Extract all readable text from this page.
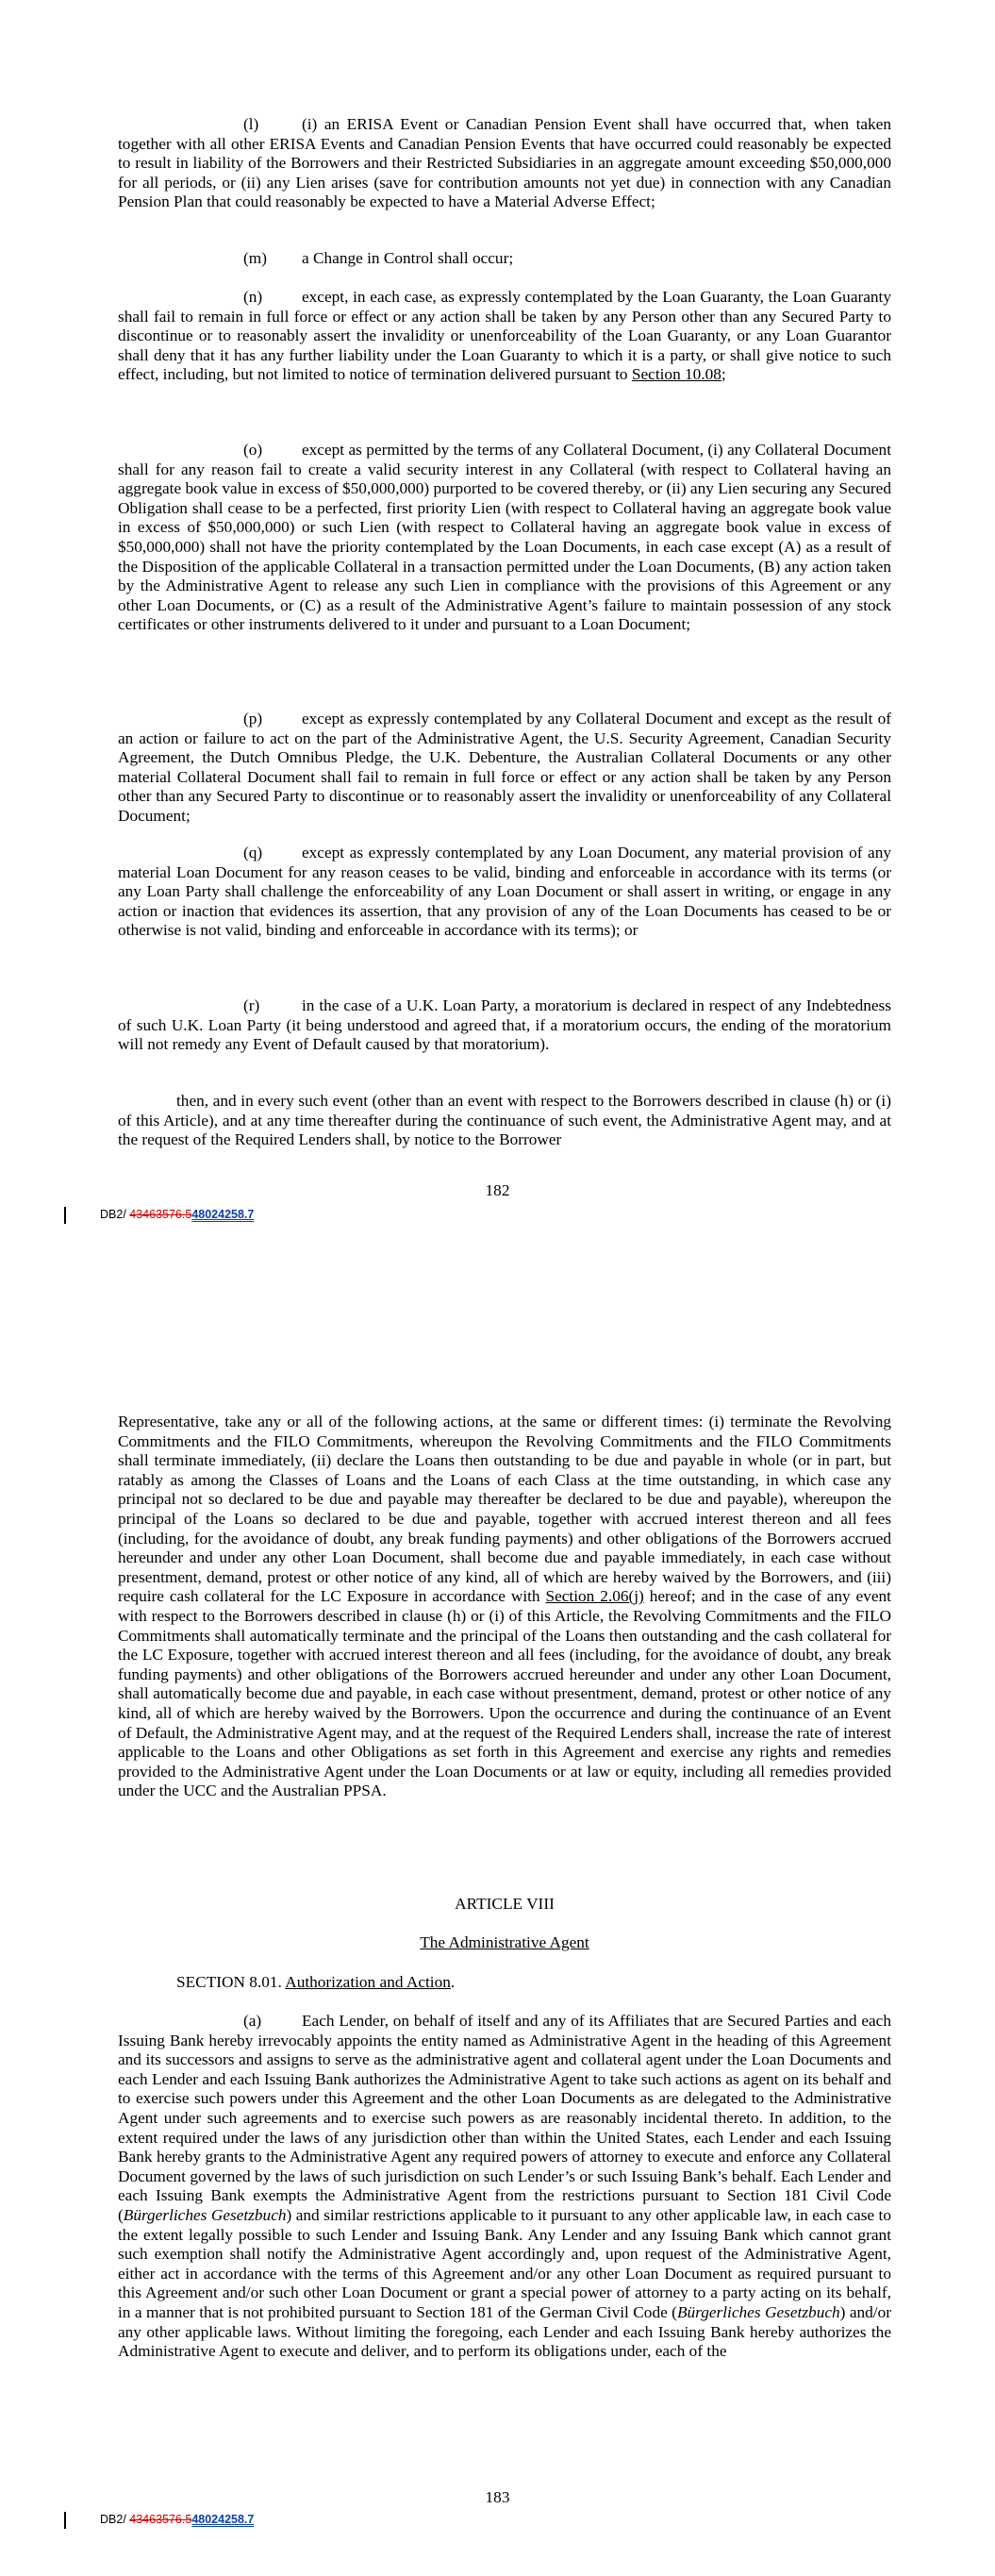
(l)	(i) an ERISA Event or Canadian Pension Event shall have occurred that, when taken together with all other ERISA Events and Canadian Pension Events that have occurred could reasonably be expected to result in liability of the Borrowers and their Restricted Subsidiaries in an aggregate amount exceeding $50,000,000 for all periods, or (ii) any Lien arises (save for contribution amounts not yet due) in connection with any Canadian Pension Plan that could reasonably be expected to have a Material Adverse Effect;

(m) a Change in Control shall occur;

(n) except, in each case, as expressly contemplated by the Loan Guaranty, the Loan Guaranty shall fail to remain in full force or effect or any action shall be taken by any Person other than any Secured Party to discontinue or to reasonably assert the invalidity or unenforceability of the Loan Guaranty, or any Loan Guarantor shall deny that it has any further liability under the Loan Guaranty to which it is a party, or shall give notice to such effect, including, but not limited to notice of termination delivered pursuant to Section 10.08;

(o) except as permitted by the terms of any Collateral Document, (i) any Collateral Document shall for any reason fail to create a valid security interest in any Collateral (with respect to Collateral having an aggregate book value in excess of $50,000,000) purported to be covered thereby, or (ii) any Lien securing any Secured Obligation shall cease to be a perfected, first priority Lien (with respect to Collateral having an aggregate book value in excess of $50,000,000) or such Lien (with respect to Collateral having an aggregate book value in excess of $50,000,000) shall not have the priority contemplated by the Loan Documents, in each case except (A) as a result of the Disposition of the applicable Collateral in a transaction permitted under the Loan Documents, (B) any action taken by the Administrative Agent to release any such Lien in compliance with the provisions of this Agreement or any other Loan Documents, or (C) as a result of the Administrative Agent’s failure to maintain possession of any stock certificates or other instruments delivered to it under and pursuant to a Loan Document;

(p) except as expressly contemplated by any Collateral Document and except as the result of an action or failure to act on the part of the Administrative Agent, the U.S. Security Agreement, Canadian Security Agreement, the Dutch Omnibus Pledge, the U.K. Debenture, the Australian Collateral Documents or any other material Collateral Document shall fail to remain in full force or effect or any action shall be taken by any Person other than any Secured Party to discontinue or to reasonably assert the invalidity or unenforceability of any Collateral Document;

(q) except as expressly contemplated by any Loan Document, any material provision of any material Loan Document for any reason ceases to be valid, binding and enforceable in accordance with its terms (or any Loan Party shall challenge the enforceability of any Loan Document or shall assert in writing, or engage in any action or inaction that evidences its assertion, that any provision of any of the Loan Documents has ceased to be or otherwise is not valid, binding and enforceable in accordance with its terms); or

(r)	in the case of a U.K. Loan Party, a moratorium is declared in respect of any Indebtedness of such U.K. Loan Party (it being understood and agreed that, if a moratorium occurs, the ending of the moratorium will not remedy any Event of Default caused by that moratorium).

then, and in every such event (other than an event with respect to the Borrowers described in clause (h) or (i) of this Article), and at any time thereafter during the continuance of such event, the Administrative Agent may, and at the request of the Required Lenders shall, by notice to the Borrower

182
DB2/ 43463576.548024258.7

Representative, take any or all of the following actions, at the same or different times: (i) terminate the Revolving Commitments and the FILO Commitments, whereupon the Revolving Commitments and the FILO Commitments shall terminate immediately, (ii) declare the Loans then outstanding to be due and payable in whole (or in part, but ratably as among the Classes of Loans and the Loans of each Class at the time outstanding, in which case any principal not so declared to be due and payable may thereafter be declared to be due and payable), whereupon the principal of the Loans so declared to be due and payable, together with accrued interest thereon and all fees (including, for the avoidance of doubt, any break funding payments) and other obligations of the Borrowers accrued hereunder and under any other Loan Document, shall become due and payable immediately, in each case without presentment, demand, protest or other notice of any kind, all of which are hereby waived by the Borrowers, and (iii) require cash collateral for the LC Exposure in accordance with Section 2.06(j) hereof; and in the case of any event with respect to the Borrowers described in clause (h) or (i) of this Article, the Revolving Commitments and the FILO Commitments shall automatically terminate and the principal of the Loans then outstanding and the cash collateral for the LC Exposure, together with accrued interest thereon and all fees (including, for the avoidance of doubt, any break funding payments) and other obligations of the Borrowers accrued hereunder and under any other Loan Document, shall automatically become due and payable, in each case without presentment, demand, protest or other notice of any kind, all of which are hereby waived by the Borrowers. Upon the occurrence and during the continuance of an Event of Default, the Administrative Agent may, and at the request of the Required Lenders shall, increase the rate of interest applicable to the Loans and other Obligations as set forth in this Agreement and exercise any rights and remedies provided to the Administrative Agent under the Loan Documents or at law or equity, including all remedies provided under the UCC and the Australian PPSA.

ARTICLE VIII
The Administrative Agent
SECTION 8.01. Authorization and Action.

(a) Each Lender, on behalf of itself and any of its Affiliates that are Secured Parties and each Issuing Bank hereby irrevocably appoints the entity named as Administrative Agent in the heading of this Agreement and its successors and assigns to serve as the administrative agent and collateral agent under the Loan Documents and each Lender and each Issuing Bank authorizes the Administrative Agent to take such actions as agent on its behalf and to exercise such powers under this Agreement and the other Loan Documents as are delegated to the Administrative Agent under such agreements and to exercise such powers as are reasonably incidental thereto. In addition, to the extent required under the laws of any jurisdiction other than within the United States, each Lender and each Issuing Bank hereby grants to the Administrative Agent any required powers of attorney to execute and enforce any Collateral Document governed by the laws of such jurisdiction on such Lender’s or such Issuing Bank’s behalf. Each Lender and each Issuing Bank exempts the Administrative Agent from the restrictions pursuant to Section 181 Civil Code (Bürgerliches Gesetzbuch) and similar restrictions applicable to it pursuant to any other applicable law, in each case to the extent legally possible to such Lender and Issuing Bank. Any Lender and any Issuing Bank which cannot grant such exemption shall notify the Administrative Agent accordingly and, upon request of the Administrative Agent, either act in accordance with the terms of this Agreement and/or any other Loan Document as required pursuant to this Agreement and/or such other Loan Document or grant a special power of attorney to a party acting on its behalf, in a manner that is not prohibited pursuant to Section 181 of the German Civil Code (Bürgerliches Gesetzbuch) and/or any other applicable laws. Without limiting the foregoing, each Lender and each Issuing Bank hereby authorizes the Administrative Agent to execute and deliver, and to perform its obligations under, each of the

183
DB2/ 43463576.548024258.7
